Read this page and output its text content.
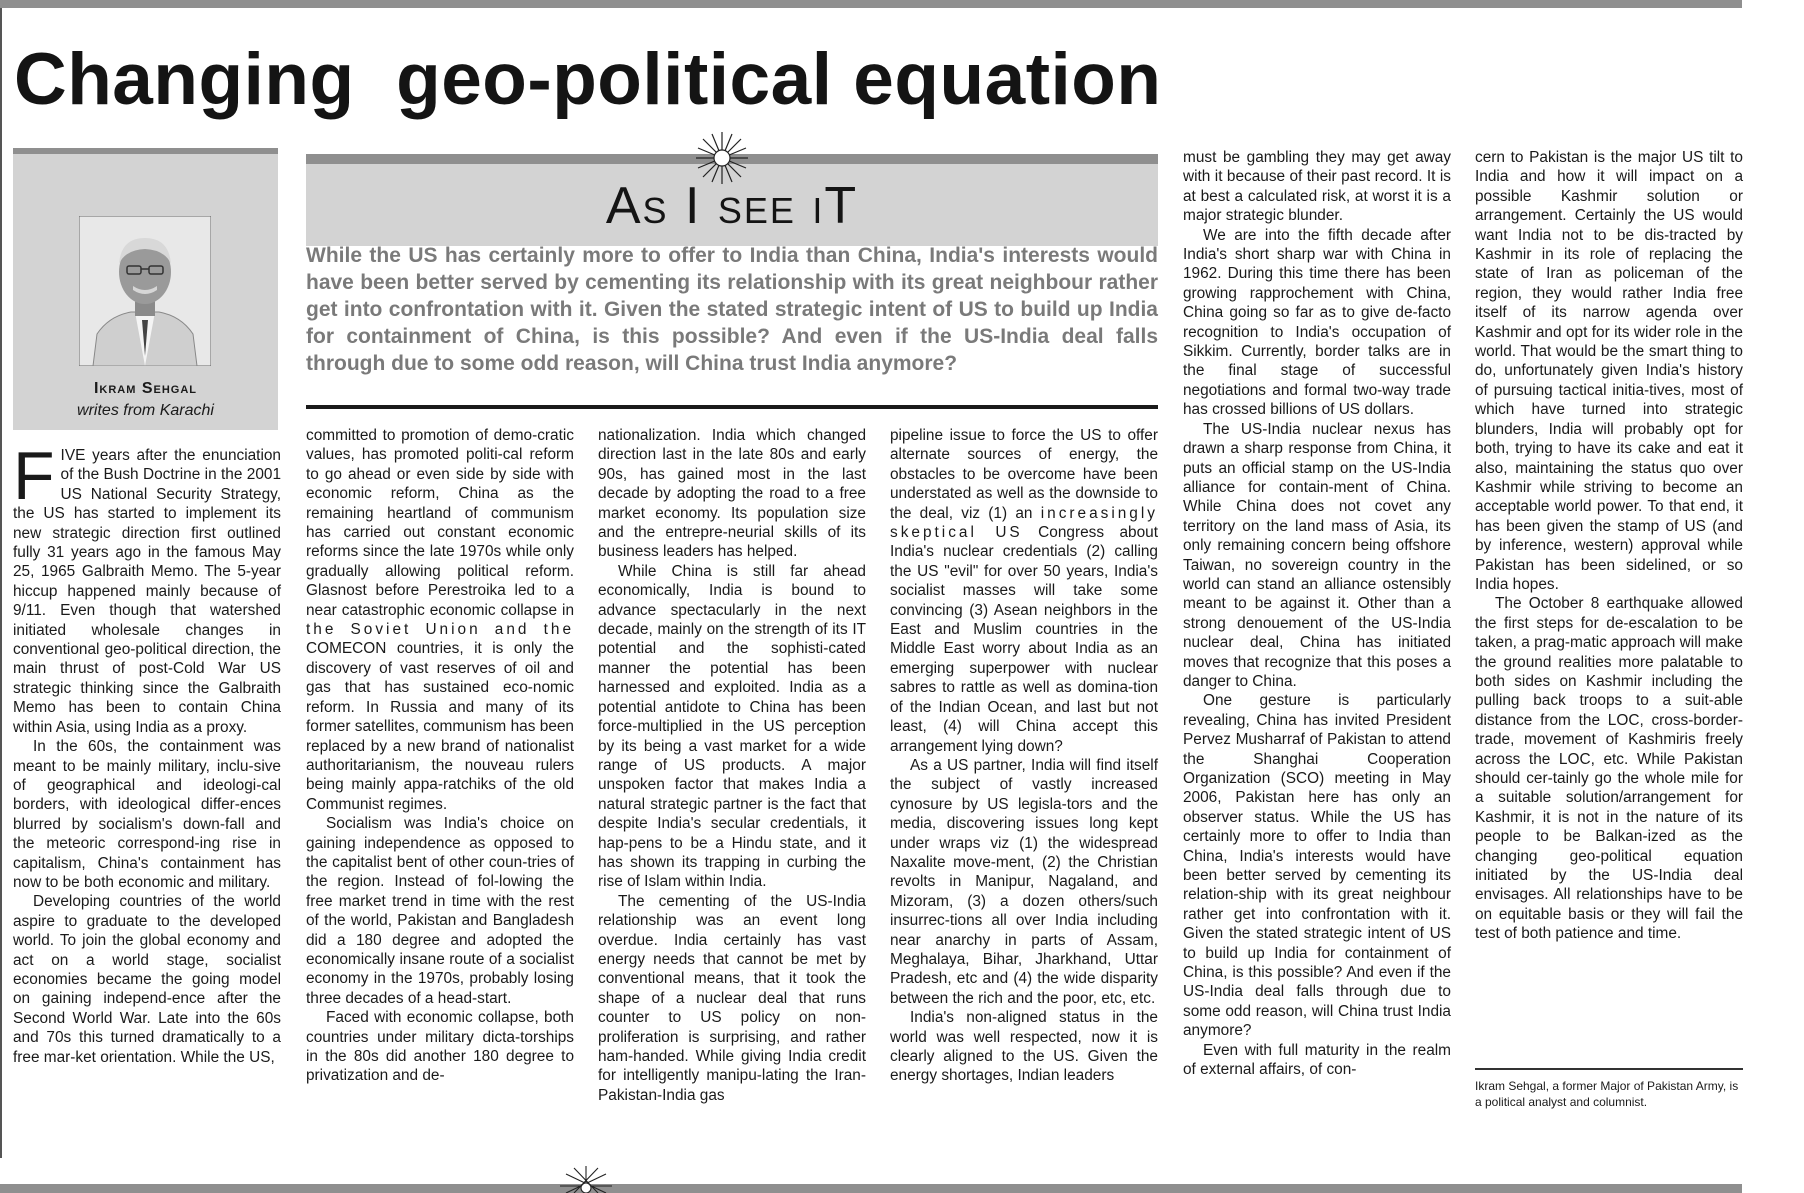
Changing  geo-political equation
Ikram Sehgal
writes from Karachi
As I see iT

While the US has certainly more to offer to India than China, India's interests would have been better served by cementing its relationship with its great neighbour rather get into confrontation with it. Given the stated strategic intent of US to build up India for containment of China, is this possible? And even if the US-India deal falls through due to some odd reason, will China trust India anymore?

FIVE years after the enunciation of the Bush Doctrine in the 2001 US National Security Strategy, the US has started to implement its new strategic direction first outlined fully 31 years ago in the famous May 25, 1965 Galbraith Memo. The 5-year hiccup happened mainly because of 9/11. Even though that watershed initiated wholesale changes in conventional geo-political direction, the main thrust of post-Cold War US strategic thinking since the Galbraith Memo has been to contain China within Asia, using India as a proxy.

In the 60s, the containment was meant to be mainly military, inclu-sive of geographical and ideologi-cal borders, with ideological differ-ences blurred by socialism's down-fall and the meteoric correspond-ing rise in capitalism, China's containment has now to be both economic and military.

Developing countries of the world aspire to graduate to the developed world. To join the global economy and act on a world stage, socialist economies became the going model on gaining independ-ence after the Second World War. Late into the 60s and 70s this turned dramatically to a free mar-ket orientation. While the US,

committed to promotion of demo-cratic values, has promoted politi-cal reform to go ahead or even side by side with economic reform, China as the remaining heartland of communism has carried out constant economic reforms since the late 1970s while only gradually allowing political reform. Glasnost before Perestroika led to a near catastrophic economic collapse in the Soviet Union and the COMECON countries, it is only the discovery of vast reserves of oil and gas that has sustained eco-nomic reform. In Russia and many of its former satellites, communism has been replaced by a new brand of nationalist authoritarianism, the nouveau rulers being mainly appa-ratchiks of the old Communist regimes.

Socialism was India's choice on gaining independence as opposed to the capitalist bent of other coun-tries of the region. Instead of fol-lowing the free market trend in time with the rest of the world, Pakistan and Bangladesh did a 180 degree and adopted the economically insane route of a socialist economy in the 1970s, probably losing three decades of a head-start.

Faced with economic collapse, both countries under military dicta-torships in the 80s did another 180 degree to privatization and de-

nationalization. India which changed direction last in the late 80s and early 90s, has gained most in the last decade by adopting the road to a free market economy. Its population size and the entrepre-neurial skills of its business leaders has helped.

While China is still far ahead economically, India is bound to advance spectacularly in the next decade, mainly on the strength of its IT potential and the sophisti-cated manner the potential has been harnessed and exploited. India as a potential antidote to China has been force-multiplied in the US perception by its being a vast market for a wide range of US products. A major unspoken factor that makes India a natural strategic partner is the fact that despite India's secular credentials, it hap-pens to be a Hindu state, and it has shown its trapping in curbing the rise of Islam within India.

The cementing of the US-India relationship was an event long overdue. India certainly has vast energy needs that cannot be met by conventional means, that it took the shape of a nuclear deal that runs counter to US policy on non-proliferation is surprising, and rather ham-handed. While giving India credit for intelligently manipu-lating the Iran-Pakistan-India gas

pipeline issue to force the US to offer alternate sources of energy, the obstacles to be overcome have been understated as well as the downside to the deal, viz (1) an increasingly skeptical US Congress about India's nuclear credentials (2) calling the US "evil" for over 50 years, India's socialist masses will take some convincing (3) Asean neighbors in the East and Muslim countries in the Middle East worry about India as an emerging superpower with nuclear sabres to rattle as well as domina-tion of the Indian Ocean, and last but not least, (4) will China accept this arrangement lying down?

As a US partner, India will find itself the subject of vastly increased cynosure by US legisla-tors and the media, discovering issues long kept under wraps viz (1) the widespread Naxalite move-ment, (2) the Christian revolts in Manipur, Nagaland, and Mizoram, (3) a dozen others/such insurrec-tions all over India including near anarchy in parts of Assam, Meghalaya, Bihar, Jharkhand, Uttar Pradesh, etc and (4) the wide disparity between the rich and the poor, etc, etc.

India's non-aligned status in the world was well respected, now it is clearly aligned to the US. Given the energy shortages, Indian leaders

must be gambling they may get away with it because of their past record. It is at best a calculated risk, at worst it is a major strategic blunder.

We are into the fifth decade after India's short sharp war with China in 1962. During this time there has been growing rapprochement with China, China going so far as to give de-facto recognition to India's occupation of Sikkim. Currently, border talks are in the final stage of successful negotiations and formal two-way trade has crossed billions of US dollars.

The US-India nuclear nexus has drawn a sharp response from China, it puts an official stamp on the US-India alliance for contain-ment of China. While China does not covet any territory on the land mass of Asia, its only remaining concern being offshore Taiwan, no sovereign country in the world can stand an alliance ostensibly meant to be against it. Other than a strong denouement of the US-India nuclear deal, China has initiated moves that recognize that this poses a danger to China.

One gesture is particularly revealing, China has invited President Pervez Musharraf of Pakistan to attend the Shanghai Cooperation Organization (SCO) meeting in May 2006, Pakistan here has only an observer status. While the US has certainly more to offer to India than China, India's interests would have been better served by cementing its relation-ship with its great neighbour rather get into confrontation with it. Given the stated strategic intent of US to build up India for containment of China, is this possible? And even if the US-India deal falls through due to some odd reason, will China trust India anymore?

Even with full maturity in the realm of external affairs, of con-

cern to Pakistan is the major US tilt to India and how it will impact on a possible Kashmir solution or arrangement. Certainly the US would want India not to be dis-tracted by Kashmir in its role of replacing the state of Iran as policeman of the region, they would rather India free itself of its narrow agenda over Kashmir and opt for its wider role in the world. That would be the smart thing to do, unfortunately given India's history of pursuing tactical initia-tives, most of which have turned into strategic blunders, India will probably opt for both, trying to have its cake and eat it also, maintaining the status quo over Kashmir while striving to become an acceptable world power. To that end, it has been given the stamp of US (and by inference, western) approval while Pakistan has been sidelined, or so India hopes.

The October 8 earthquake allowed the first steps for de-escalation to be taken, a prag-matic approach will make the ground realities more palatable to both sides on Kashmir including the pulling back troops to a suit-able distance from the LOC, cross-border-trade, movement of Kashmiris freely across the LOC, etc. While Pakistan should cer-tainly go the whole mile for a suitable solution/arrangement for Kashmir, it is not in the nature of its people to be Balkan-ized as the changing geo-political equation initiated by the US-India deal envisages. All relationships have to be on equitable basis or they will fail the test of both patience and time.

Ikram Sehgal, a former Major of Pakistan Army, is a political analyst and columnist.
